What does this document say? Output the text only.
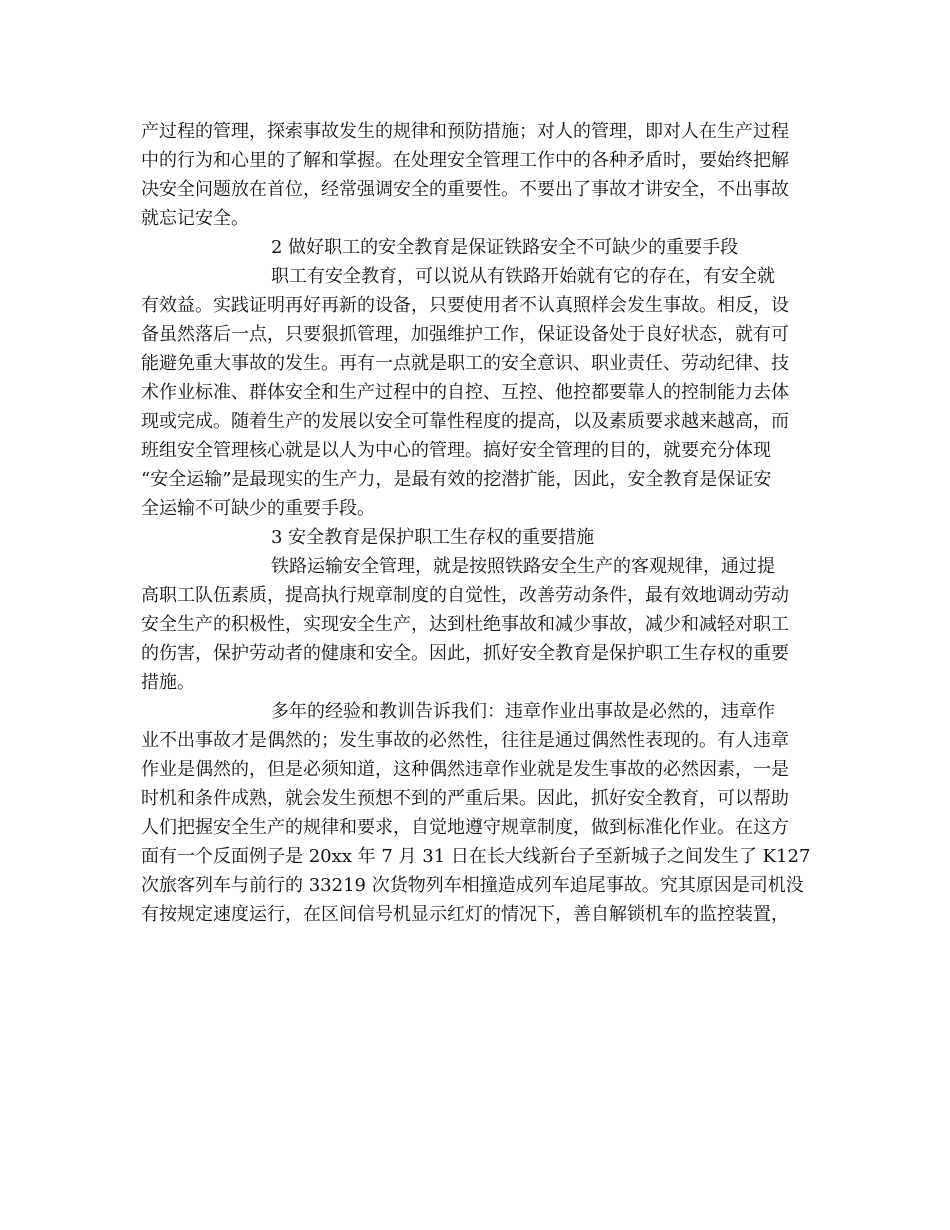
产过程的管理，探索事故发生的规律和预防措施；对人的管理，即对人在生产过程
中的行为和心里的了解和掌握。在处理安全管理工作中的各种矛盾时，要始终把解
决安全问题放在首位，经常强调安全的重要性。不要出了事故才讲安全，不出事故
就忘记安全。
2 做好职工的安全教育是保证铁路安全不可缺少的重要手段
职工有安全教育，可以说从有铁路开始就有它的存在，有安全就
有效益。实践证明再好再新的设备，只要使用者不认真照样会发生事故。相反，设
备虽然落后一点，只要狠抓管理，加强维护工作，保证设备处于良好状态，就有可
能避免重大事故的发生。再有一点就是职工的安全意识、职业责任、劳动纪律、技
术作业标准、群体安全和生产过程中的自控、互控、他控都要靠人的控制能力去体
现或完成。随着生产的发展以安全可靠性程度的提高，以及素质要求越来越高，而
班组安全管理核心就是以人为中心的管理。搞好安全管理的目的，就要充分体现
“安全运输”是最现实的生产力，是最有效的挖潜扩能，因此，安全教育是保证安
全运输不可缺少的重要手段。
3 安全教育是保护职工生存权的重要措施
铁路运输安全管理，就是按照铁路安全生产的客观规律，通过提
高职工队伍素质，提高执行规章制度的自觉性，改善劳动条件，最有效地调动劳动
安全生产的积极性，实现安全生产，达到杜绝事故和减少事故，减少和减轻对职工
的伤害，保护劳动者的健康和安全。因此，抓好安全教育是保护职工生存权的重要
措施。
多年的经验和教训告诉我们：违章作业出事故是必然的，违章作
业不出事故才是偶然的；发生事故的必然性，往往是通过偶然性表现的。有人违章
作业是偶然的，但是必须知道，这种偶然违章作业就是发生事故的必然因素，一是
时机和条件成熟，就会发生预想不到的严重后果。因此，抓好安全教育，可以帮助
人们把握安全生产的规律和要求，自觉地遵守规章制度，做到标准化作业。在这方
面有一个反面例子是 20xx 年 7 月 31 日在长大线新台子至新城子之间发生了 K127
次旅客列车与前行的 33219 次货物列车相撞造成列车追尾事故。究其原因是司机没
有按规定速度运行，在区间信号机显示红灯的情况下，善自解锁机车的监控装置，
